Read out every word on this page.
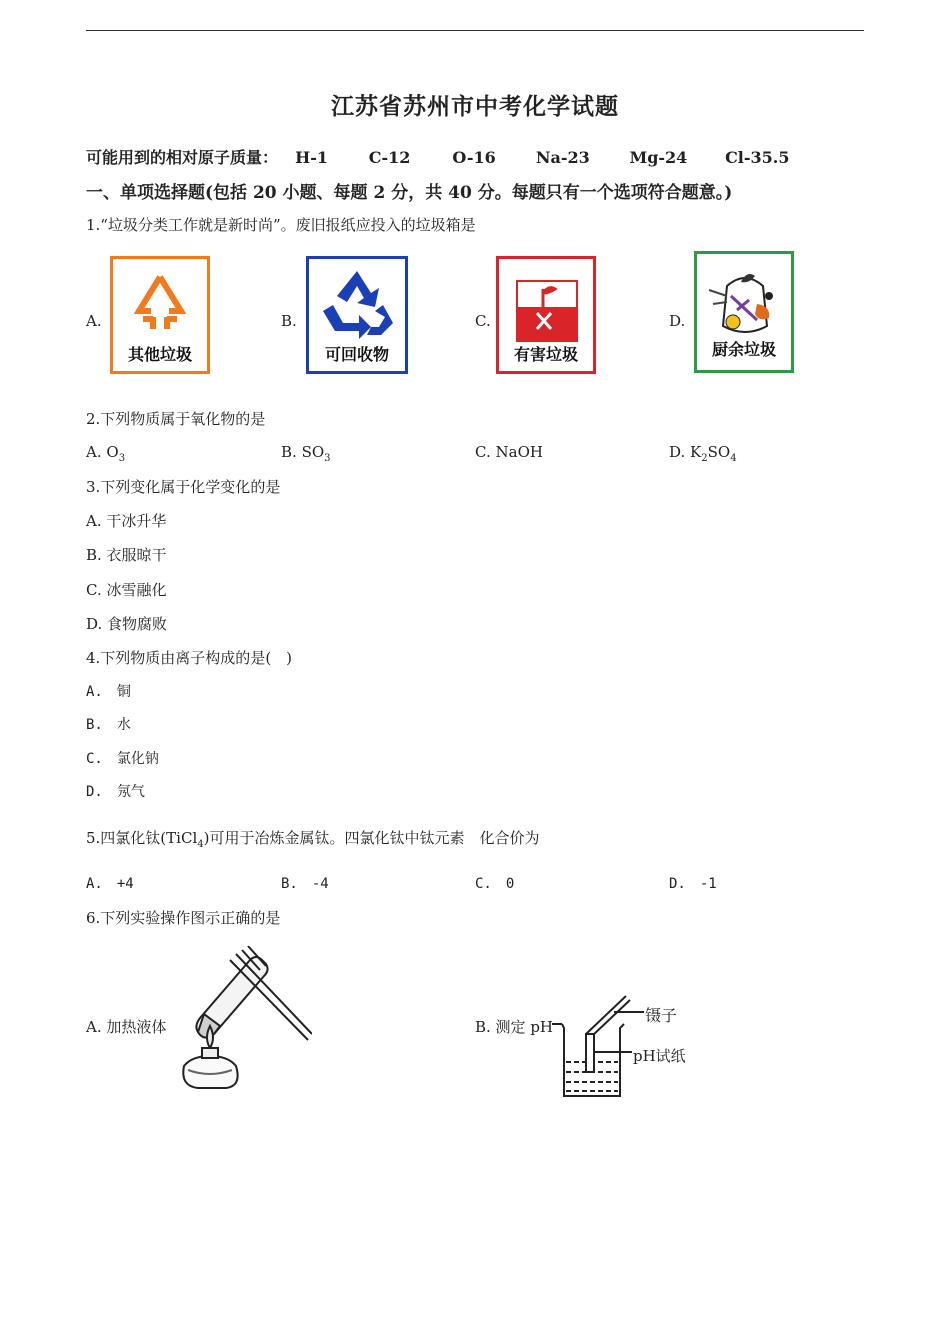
江苏省苏州市中考化学试题
可能用到的相对原子质量： H-1	C-12	O-16	Na-23 Mg-24 Cl-35.5
一、单项选择题(包括 20 小题、每题 2 分，共 40 分。每题只有一个选项符合题意。)
1.“垃圾分类工作就是新时尚”。废旧报纸应投入的垃圾箱是
A.
其他垃圾
B.
可回收物
C.
有害垃圾
D.
厨余垃圾
2.下列物质属于氧化物的是
A. $O_3$	B. $SO_3$	C. NaOH	D. $K_2SO_4$
3.下列变化属于化学变化的是
A. 干冰升华
B. 衣服晾干
C. 冰雪融化
D. 食物腐败
4.下列物质由离子构成的是(　)
A.　铜
B.　水
C.　氯化钠
D.　氖气
5.四氯化钛(TiCl$_4$)可用于冶炼金属钛。四氯化钛中钛元素　化合价为
A.　+4	B.　-4	C.　0	D.　-1
6.下列实验操作图示正确的是
A. 加热液体	B. 测定 pH
镊子
pH试纸
